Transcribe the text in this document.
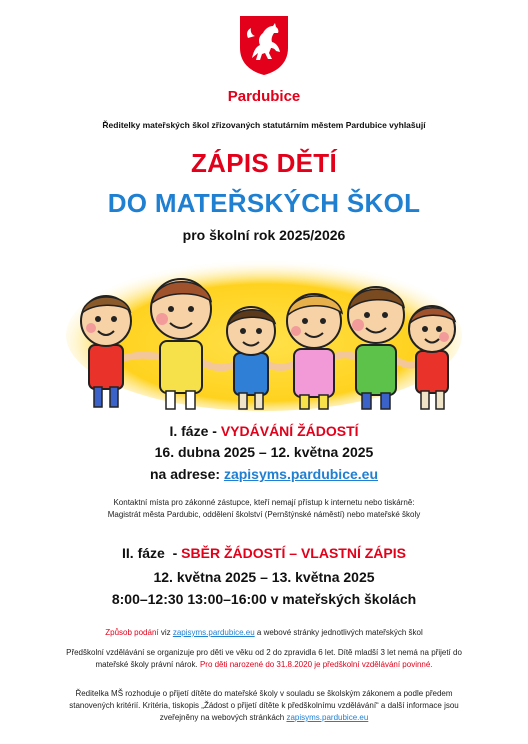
Pardubice
Ředitelky mateřských škol zřizovaných statutárním městem Pardubice vyhlašují
ZÁPIS DĚTÍ
DO MATEŘSKÝCH ŠKOL
pro školní rok 2025/2026
I. fáze - VYDÁVÁNÍ ŽÁDOSTÍ
16. dubna 2025 – 12. května 2025
na adrese: zapisyms.pardubice.eu
Kontaktní místa pro zákonné zástupce, kteří nemají přístup k internetu nebo tiskárně:
Magistrát města Pardubic, oddělení školství (Pernštýnské náměstí) nebo mateřské školy
II. fáze  - SBĚR ŽÁDOSTÍ – VLASTNÍ ZÁPIS
12. května 2025 – 13. května 2025
8:00–12:30 13:00–16:00 v mateřských školách
Způsob podání viz zapisyms.pardubice.eu a webové stránky jednotlivých mateřských škol
Předškolní vzdělávání se organizuje pro děti ve věku od 2 do zpravidla 6 let. Dítě mladší 3 let nemá na přijetí do
mateřské školy právní nárok. Pro děti narozené do 31.8.2020 je předškolní vzdělávání povinné.
Ředitelka MŠ rozhoduje o přijetí dítěte do mateřské školy v souladu se školským zákonem a podle předem
stanovených kritérií. Kritéria, tiskopis „Žádost o přijetí dítěte k předškolnímu vzdělávání“ a další informace jsou
zveřejněny na webových stránkách zapisyms.pardubice.eu
